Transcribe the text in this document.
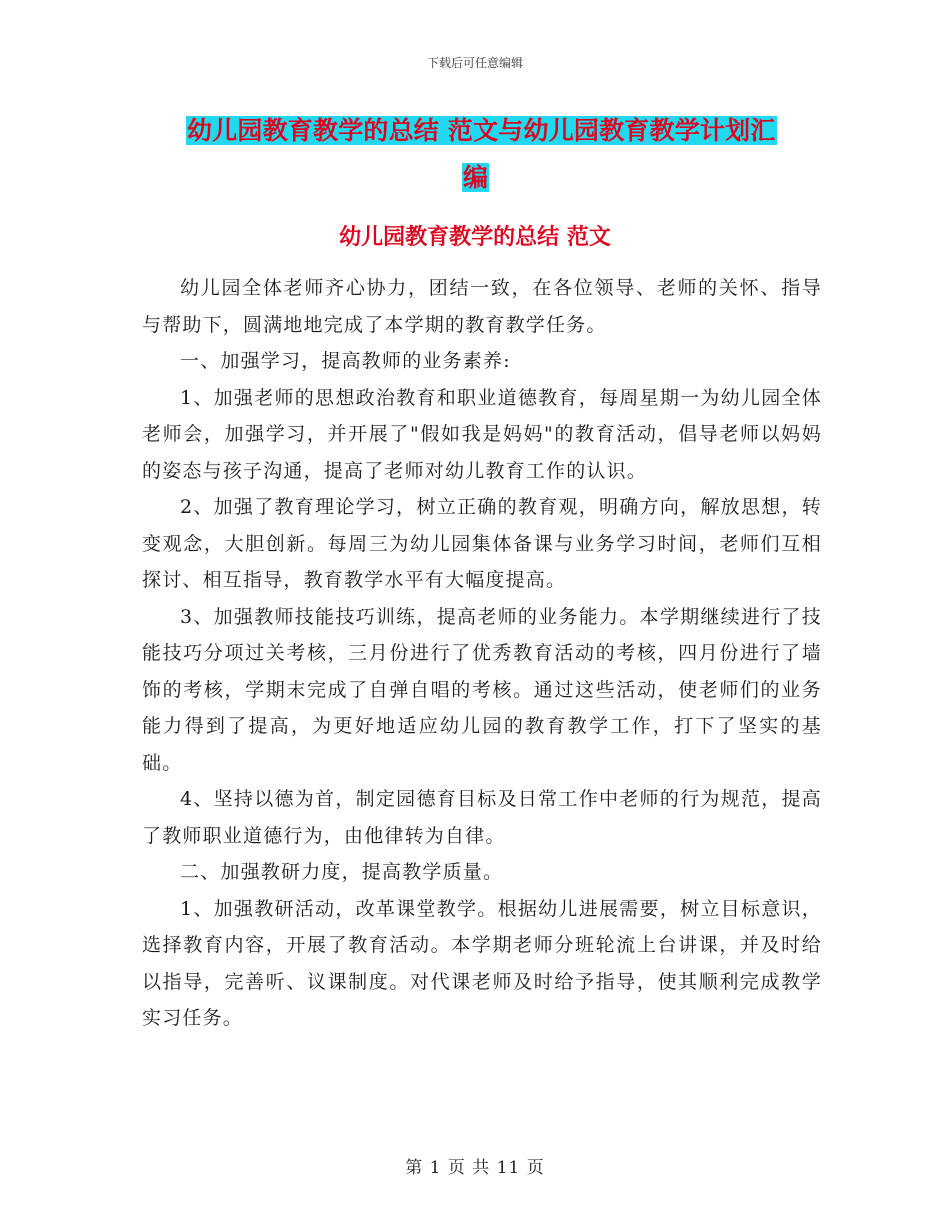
下载后可任意编辑
幼儿园教育教学的总结 范文与幼儿园教育教学计划汇
编
幼儿园教育教学的总结 范文

幼儿园全体老师齐心协力，团结一致，在各位领导、老师的关怀、指导与帮助下，圆满地地完成了本学期的教育教学任务。

一、加强学习，提高教师的业务素养:

1、加强老师的思想政治教育和职业道德教育，每周星期一为幼儿园全体老师会，加强学习，并开展了"假如我是妈妈"的教育活动，倡导老师以妈妈的姿态与孩子沟通，提高了老师对幼儿教育工作的认识。

2、加强了教育理论学习，树立正确的教育观，明确方向，解放思想，转变观念，大胆创新。每周三为幼儿园集体备课与业务学习时间，老师们互相探讨、相互指导，教育教学水平有大幅度提高。

3、加强教师技能技巧训练，提高老师的业务能力。本学期继续进行了技能技巧分项过关考核，三月份进行了优秀教育活动的考核，四月份进行了墙饰的考核，学期末完成了自弹自唱的考核。通过这些活动，使老师们的业务能力得到了提高，为更好地适应幼儿园的教育教学工作，打下了坚实的基础。

4、坚持以德为首，制定园德育目标及日常工作中老师的行为规范，提高了教师职业道德行为，由他律转为自律。

二、加强教研力度，提高教学质量。

1、加强教研活动，改革课堂教学。根据幼儿进展需要，树立目标意识，选择教育内容，开展了教育活动。本学期老师分班轮流上台讲课，并及时给以指导，完善听、议课制度。对代课老师及时给予指导，使其顺利完成教学实习任务。

第 1 页 共 11 页
